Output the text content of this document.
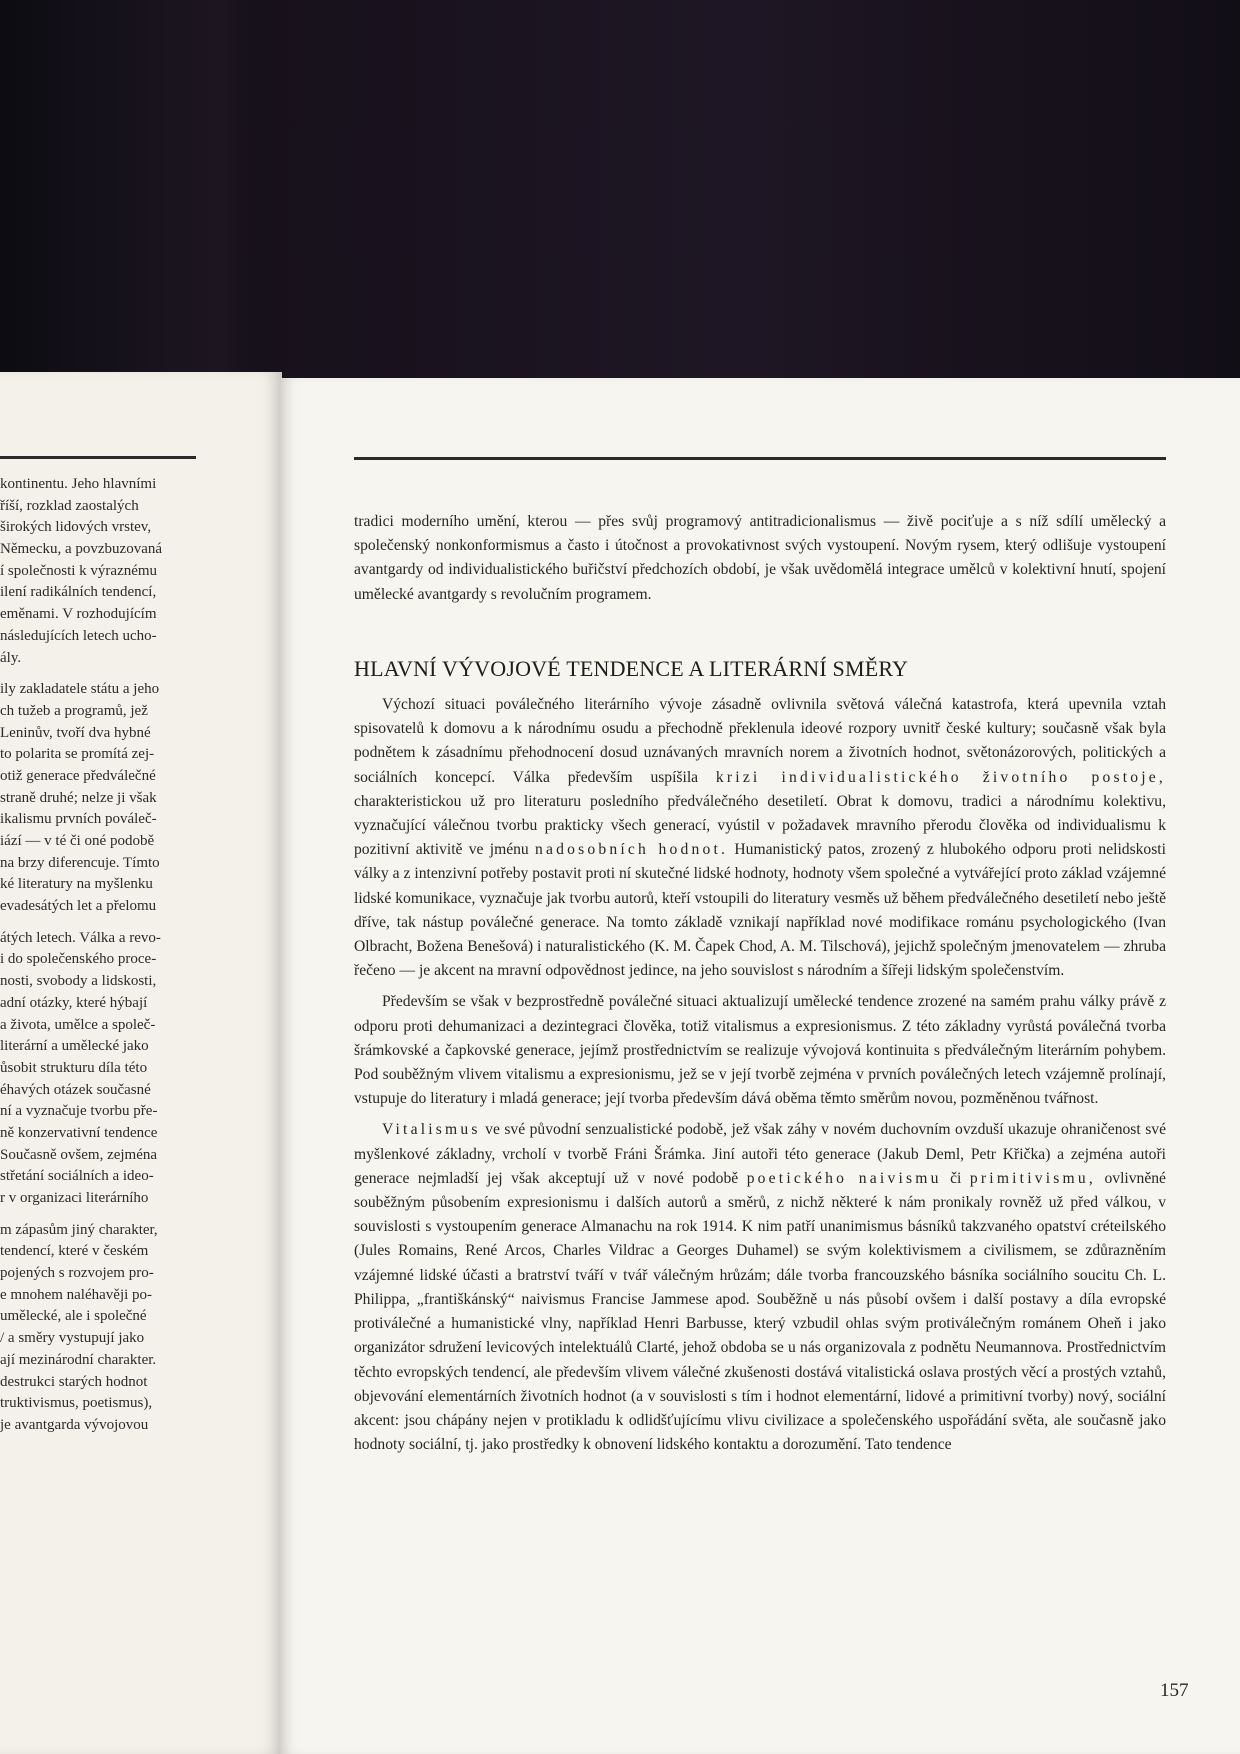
kontinentu. Jeho hlavními
říší, rozklad zaostalých
širokých lidových vrstev,
Německu, a povzbuzovaná
í společnosti k výraznému
ilení radikálních tendencí,
eměnami. V rozhodujícím
následujících letech ucho-
ály.
ily zakladatele státu a jeho
ch tužeb a programů, jež
Leninův, tvoří dva hybné
to polarita se promítá zej-
otiž generace předválečné
straně druhé; nelze ji však
ikalismu prvních pováleč-
iází — v té či oné podobě
na brzy diferencuje. Tímto
ké literatury na myšlenku
evadesátých let a přelomu
átých letech. Válka a revo-
i do společenského proce-
nosti, svobody a lidskosti,
adní otázky, které hýbají
a života, umělce a společ-
literární a umělecké jako
ůsobit strukturu díla této
éhavých otázek současné
ní a vyznačuje tvorbu pře-
ně konzervativní tendence
Současně ovšem, zejména
střetání sociálních a ideo-
r v organizaci literárního
m zápasům jiný charakter,
tendencí, které v českém
pojených s rozvojem pro-
e mnohem naléhavěji po-
umělecké, ale i společné
/ a směry vystupují jako
ají mezinárodní charakter.
destrukci starých hodnot
truktivismus, poetismus),
je avantgarda vývojovou

tradici moderního umění, kterou — přes svůj programový antitradicionalismus — živě pociťuje a s níž sdílí umělecký a společenský nonkonformismus a často i útočnost a provokativnost svých vystoupení. Novým rysem, který odlišuje vystoupení avantgardy od individualistického buřičství předchozích období, je však uvědomělá integrace umělců v kolektivní hnutí, spojení umělecké avantgardy s revolučním programem.

HLAVNÍ VÝVOJOVÉ TENDENCE A LITERÁRNÍ SMĚRY

Výchozí situaci poválečného literárního vývoje zásadně ovlivnila světová válečná katastrofa, která upevnila vztah spisovatelů k domovu a k národnímu osudu a přechodně překlenula ideové rozpory uvnitř české kultury; současně však byla podnětem k zásadnímu přehodnocení dosud uznávaných mravních norem a životních hodnot, světonázorových, politických a sociálních koncepcí. Válka především uspíšila krizi individualistického životního postoje, charakteristickou už pro literaturu posledního předválečného desetiletí. Obrat k domovu, tradici a národnímu kolektivu, vyznačující válečnou tvorbu prakticky všech generací, vyústil v požadavek mravního přerodu člověka od individualismu k pozitivní aktivitě ve jménu nadosobních hodnot. Humanistický patos, zrozený z hlubokého odporu proti nelidskosti války a z intenzivní potřeby postavit proti ní skutečné lidské hodnoty, hodnoty všem společné a vytvářející proto základ vzájemné lidské komunikace, vyznačuje jak tvorbu autorů, kteří vstoupili do literatury vesměs už během předválečného desetiletí nebo ještě dříve, tak nástup poválečné generace. Na tomto základě vznikají například nové modifikace románu psychologického (Ivan Olbracht, Božena Benešová) i naturalistického (K. M. Čapek Chod, A. M. Tilschová), jejichž společným jmenovatelem — zhruba řečeno — je akcent na mravní odpovědnost jedince, na jeho souvislost s národním a šířeji lidským společenstvím.

Především se však v bezprostředně poválečné situaci aktualizují umělecké tendence zrozené na samém prahu války právě z odporu proti dehumanizaci a dezintegraci člověka, totiž vitalismus a expresionismus. Z této základny vyrůstá poválečná tvorba šrámkovské a čapkovské generace, jejímž prostřednictvím se realizuje vývojová kontinuita s předválečným literárním pohybem. Pod souběžným vlivem vitalismu a expresionismu, jež se v její tvorbě zejména v prvních poválečných letech vzájemně prolínají, vstupuje do literatury i mladá generace; její tvorba především dává oběma těmto směrům novou, pozměněnou tvářnost.

Vitalismus ve své původní senzualistické podobě, jež však záhy v novém duchovním ovzduší ukazuje ohraničenost své myšlenkové základny, vrcholí v tvorbě Fráni Šrámka. Jiní autoři této generace (Jakub Deml, Petr Křička) a zejména autoři generace nejmladší jej však akceptují už v nové podobě poetického naivismu či primitivismu, ovlivněné souběžným působením expresionismu i dalších autorů a směrů, z nichž některé k nám pronikaly rovněž už před válkou, v souvislosti s vystoupením generace Almanachu na rok 1914. K nim patří unanimismus básníků takzvaného opatství créteilského (Jules Romains, René Arcos, Charles Vildrac a Georges Duhamel) se svým kolektivismem a civilismem, se zdůrazněním vzájemné lidské účasti a bratrství tváří v tvář válečným hrůzám; dále tvorba francouzského básníka sociálního soucitu Ch. L. Philippa, „františkánský“ naivismus Francise Jammese apod. Souběžně u nás působí ovšem i další postavy a díla evropské protiválečné a humanistické vlny, například Henri Barbusse, který vzbudil ohlas svým protiválečným románem Oheň i jako organizátor sdružení levicových intelektuálů Clarté, jehož obdoba se u nás organizovala z podnětu Neumannova. Prostřednictvím těchto evropských tendencí, ale především vlivem válečné zkušenosti dostává vitalistická oslava prostých věcí a prostých vztahů, objevování elementárních životních hodnot (a v souvislosti s tím i hodnot elementární, lidové a primitivní tvorby) nový, sociální akcent: jsou chápány nejen v protikladu k odlidšťujícímu vlivu civilizace a společenského uspořádání světa, ale současně jako hodnoty sociální, tj. jako prostředky k obnovení lidského kontaktu a dorozumění. Tato tendence

157
